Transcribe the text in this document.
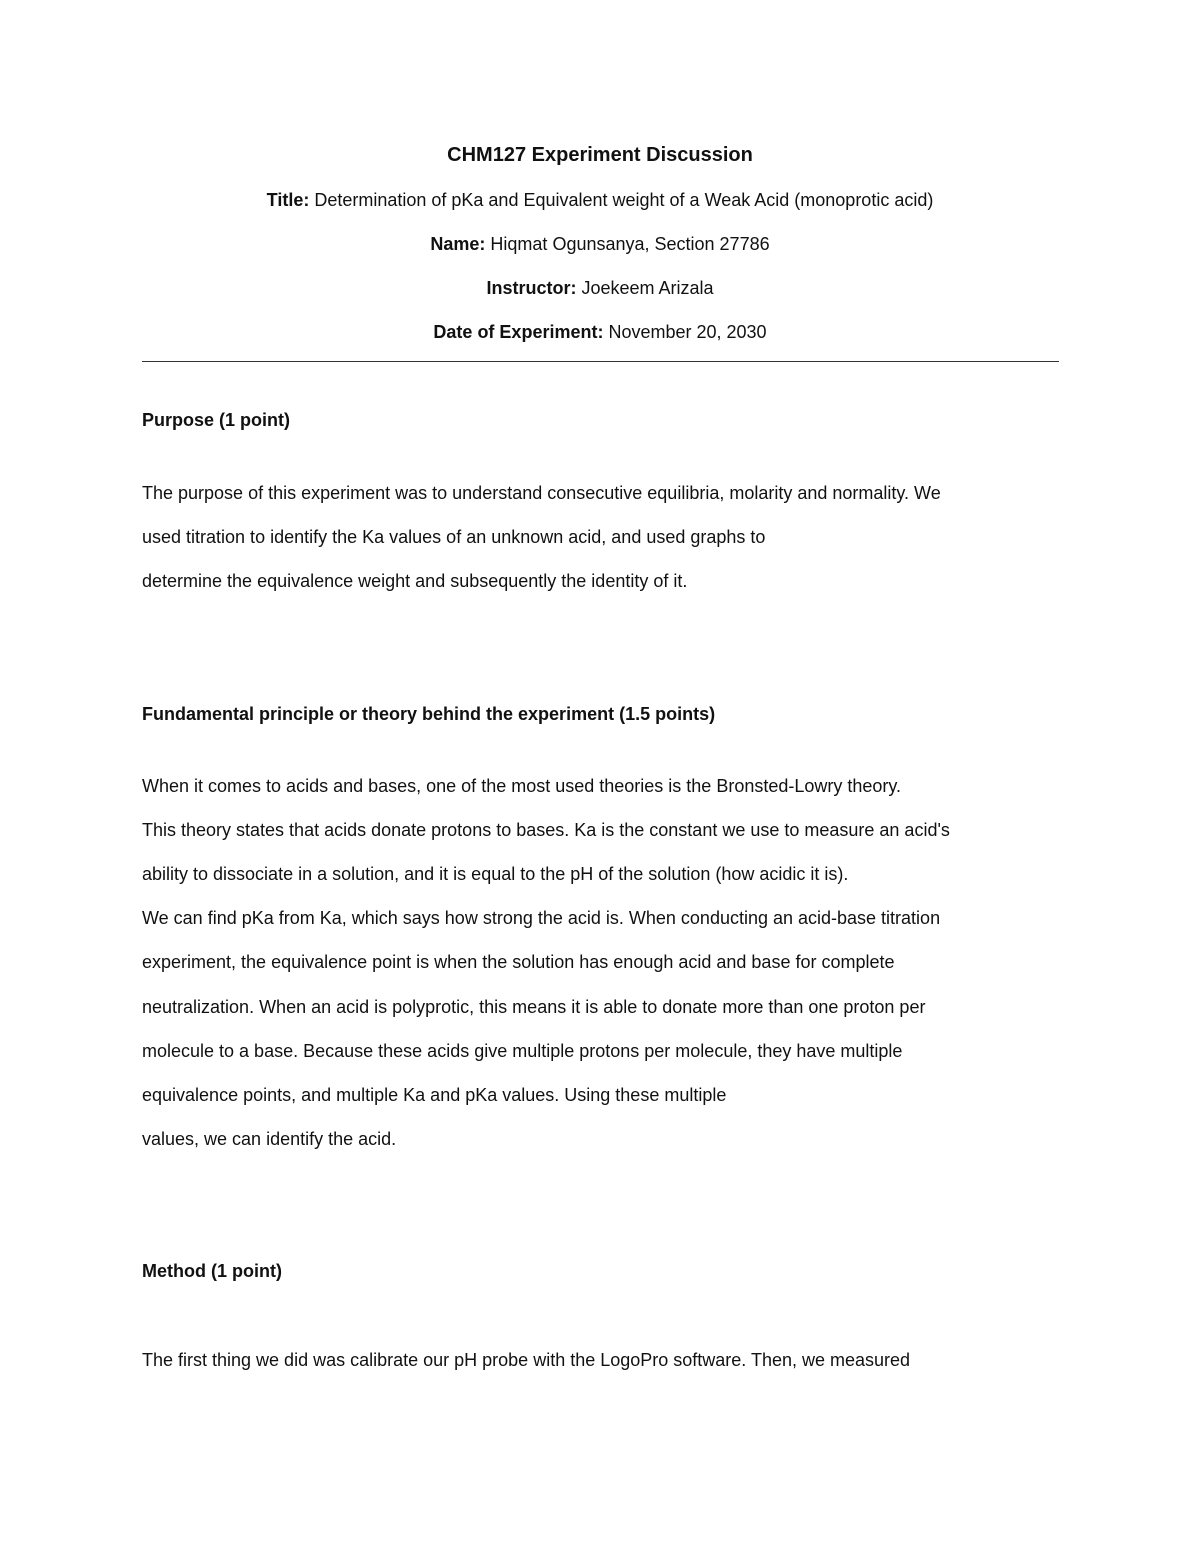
CHM127 Experiment Discussion
Title: Determination of pKa and Equivalent weight of a Weak Acid (monoprotic acid)
Name: Hiqmat Ogunsanya, Section 27786
Instructor: Joekeem Arizala
Date of Experiment: November 20, 2030
Purpose (1 point)
The purpose of this experiment was to understand consecutive equilibria, molarity and normality. We
used titration to identify the Ka values of an unknown acid, and used graphs to
determine the equivalence weight and subsequently the identity of it.
Fundamental principle or theory behind the experiment (1.5 points)
When it comes to acids and bases, one of the most used theories is the Bronsted-Lowry theory.
This theory states that acids donate protons to bases. Ka is the constant we use to measure an acid's
ability to dissociate in a solution, and it is equal to the pH of the solution (how acidic it is).
We can find pKa from Ka, which says how strong the acid is. When conducting an acid-base titration
experiment, the equivalence point is when the solution has enough acid and base for complete
neutralization. When an acid is polyprotic, this means it is able to donate more than one proton per
molecule to a base. Because these acids give multiple protons per molecule, they have multiple
equivalence points, and multiple Ka and pKa values. Using these multiple
values, we can identify the acid.
Method (1 point)
The first thing we did was calibrate our pH probe with the LogoPro software. Then, we measured
